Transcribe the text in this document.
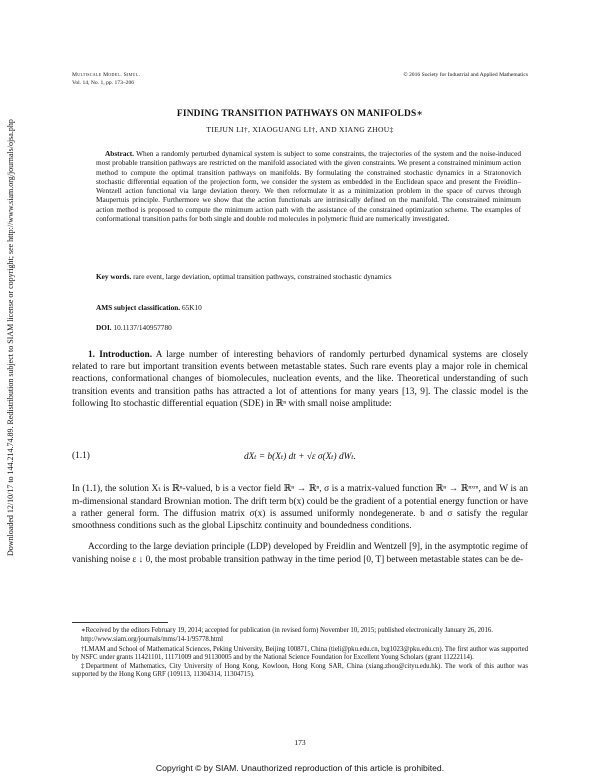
Multiscale Model. Simul.
Vol. 14, No. 1, pp. 173–206
© 2016 Society for Industrial and Applied Mathematics
Downloaded 12/10/17 to 144.214.74.89. Redistribution subject to SIAM license or copyright; see http://www.siam.org/journals/ojsa.php
FINDING TRANSITION PATHWAYS ON MANIFOLDS∗
TIEJUN LI†, XIAOGUANG LI†, AND XIANG ZHOU‡
Abstract. When a randomly perturbed dynamical system is subject to some constraints, the trajectories of the system and the noise-induced most probable transition pathways are restricted on the manifold associated with the given constraints. We present a constrained minimum action method to compute the optimal transition pathways on manifolds. By formulating the constrained stochastic dynamics in a Stratonovich stochastic differential equation of the projection form, we consider the system as embedded in the Euclidean space and present the Freidlin–Wentzell action functional via large deviation theory. We then reformulate it as a minimization problem in the space of curves through Maupertuis principle. Furthermore we show that the action functionals are intrinsically defined on the manifold. The constrained minimum action method is proposed to compute the minimum action path with the assistance of the constrained optimization scheme. The examples of conformational transition paths for both single and double rod molecules in polymeric fluid are numerically investigated.
Key words. rare event, large deviation, optimal transition pathways, constrained stochastic dynamics
AMS subject classification. 65K10
DOI. 10.1137/140957780

1. Introduction. A large number of interesting behaviors of randomly perturbed dynamical systems are closely related to rare but important transition events between metastable states. Such rare events play a major role in chemical reactions, conformational changes of biomolecules, nucleation events, and the like. Theoretical understanding of such transition events and transition paths has attracted a lot of attentions for many years [13, 9]. The classic model is the following Ito stochastic differential equation (SDE) in ℝⁿ with small noise amplitude:

(1.1)	dXₜ = b(Xₜ) dt + √ε σ(Xₜ) dWₜ.

In (1.1), the solution Xₜ is ℝⁿ-valued, b is a vector field ℝⁿ → ℝⁿ, σ is a matrix-valued function ℝⁿ → ℝⁿˣᵐ, and W is an m-dimensional standard Brownian motion. The drift term b(x) could be the gradient of a potential energy function or have a rather general form. The diffusion matrix σ(x) is assumed uniformly nondegenerate. b and σ satisfy the regular smoothness conditions such as the global Lipschitz continuity and boundedness conditions.

According to the large deviation principle (LDP) developed by Freidlin and Wentzell [9], in the asymptotic regime of vanishing noise ε ↓ 0, the most probable transition pathway in the time period [0, T] between metastable states can be de-

∗Received by the editors February 19, 2014; accepted for publication (in revised form) November 10, 2015; published electronically January 26, 2016.

http://www.siam.org/journals/mms/14-1/95778.html

†LMAM and School of Mathematical Sciences, Peking University, Beijing 100871, China (tieli@pku.edu.cn, lxg1023@pku.edu.cn). The first author was supported by NSFC under grants 11421101, 11171009 and 91130005 and by the National Science Foundation for Excellent Young Scholars (grant 11222114).

‡Department of Mathematics, City University of Hong Kong, Kowloon, Hong Kong SAR, China (xiang.zhou@cityu.edu.hk). The work of this author was supported by the Hong Kong GRF (109113, 11304314, 11304715).

173
Copyright © by SIAM. Unauthorized reproduction of this article is prohibited.
